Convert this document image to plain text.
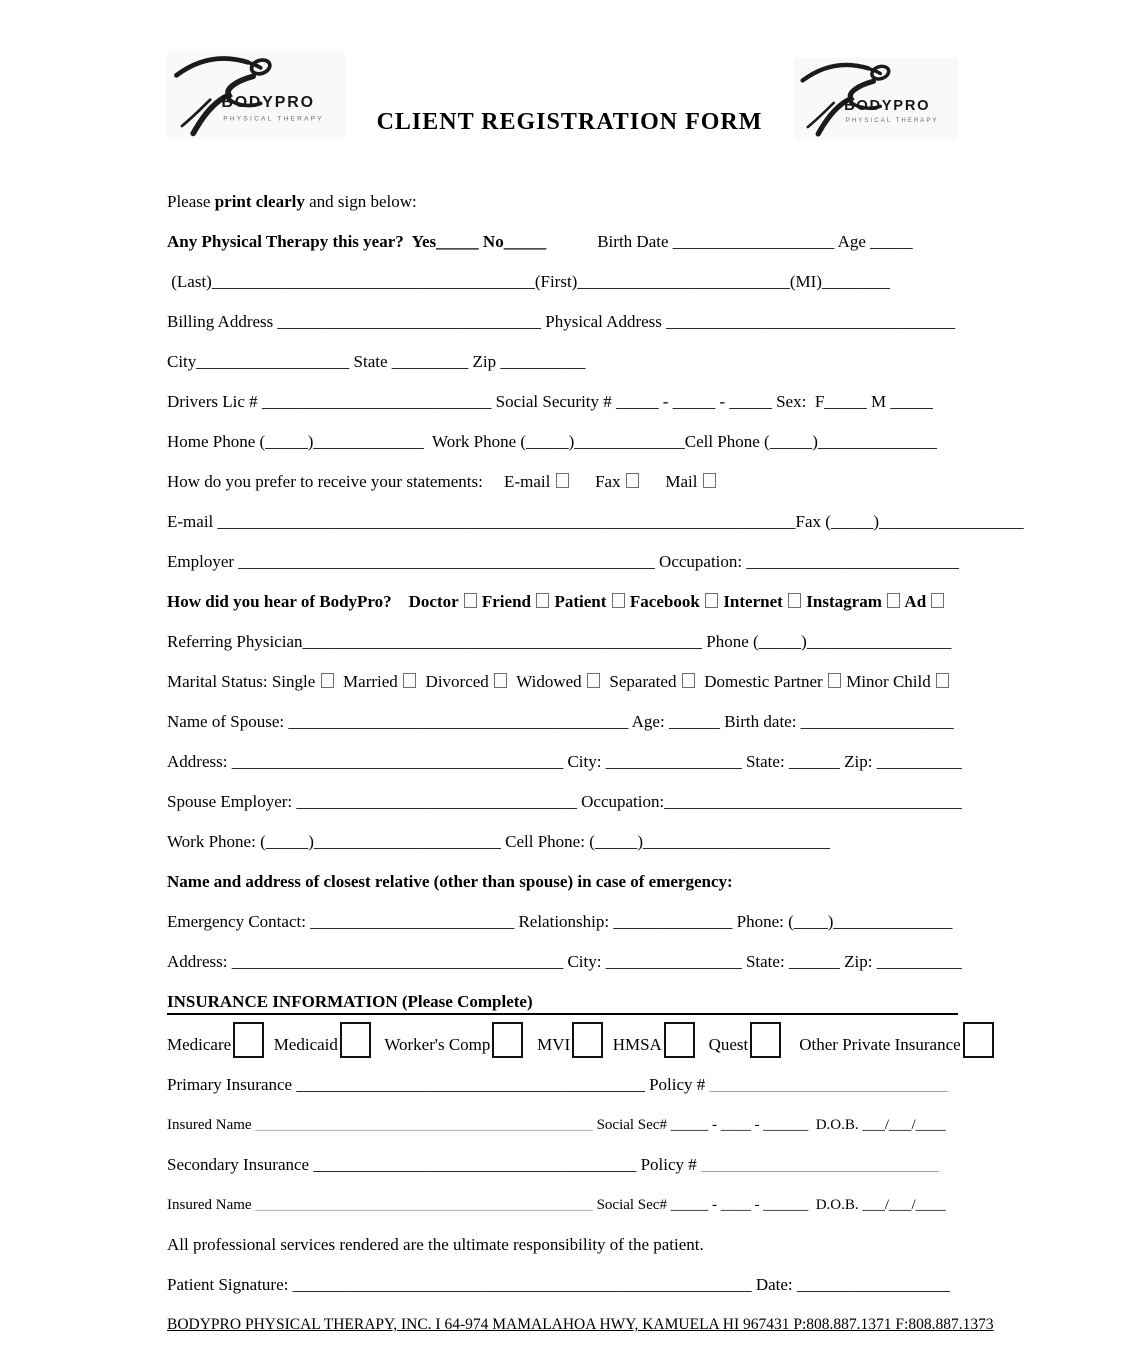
BODYPRO
PHYSICAL THERAPY	CLIENT REGISTRATION FORM
BODYPRO
PHYSICAL THERAPY
Please print clearly and sign below:
Any Physical Therapy this year?  Yes_____ No_____            Birth Date ___________________ Age _____
(Last)______________________________________(First)_________________________(MI)________
Billing Address _______________________________ Physical Address __________________________________
City__________________ State _________ Zip __________
Drivers Lic # ___________________________ Social Security # _____ - _____ - _____ Sex:  F_____ M _____
Home Phone (_____)_____________  Work Phone (_____)_____________Cell Phone (_____)______________
How do you prefer to receive your statements:     E-mail       Fax       Mail
E-mail ____________________________________________________________________Fax (_____)_________________
Employer _________________________________________________ Occupation: _________________________
How did you hear of BodyPro?    Doctor  Friend  Patient  Facebook  Internet  Instagram  Ad
Referring Physician_______________________________________________ Phone (_____)_________________
Marital Status: Single   Married   Divorced   Widowed   Separated   Domestic Partner  Minor Child
Name of Spouse: ________________________________________ Age: ______ Birth date: __________________
Address: _______________________________________ City: ________________ State: ______ Zip: __________
Spouse Employer: _________________________________ Occupation:___________________________________
Work Phone: (_____)______________________ Cell Phone: (_____)______________________
Name and address of closest relative (other than spouse) in case of emergency:
Emergency Contact: ________________________ Relationship: ______________ Phone: (____)______________
Address: _______________________________________ City: ________________ State: ______ Zip: __________
INSURANCE INFORMATION (Please Complete)
Medicare
Medicaid
Worker's Comp
MVI
HMSA
Quest
Other Private Insurance
Primary Insurance _________________________________________ Policy # ____________________________
Insured Name _____________________________________________ Social Sec# _____ - ____ - ______  D.O.B. ___/___/____
Secondary Insurance ______________________________________ Policy # ____________________________
Insured Name _____________________________________________ Social Sec# _____ - ____ - ______  D.O.B. ___/___/____
All professional services rendered are the ultimate responsibility of the patient.
Patient Signature: ______________________________________________________ Date: __________________
BODYPRO PHYSICAL THERAPY, INC. I 64-974 MAMALAHOA HWY, KAMUELA HI 967431 P:808.887.1371 F:808.887.1373
